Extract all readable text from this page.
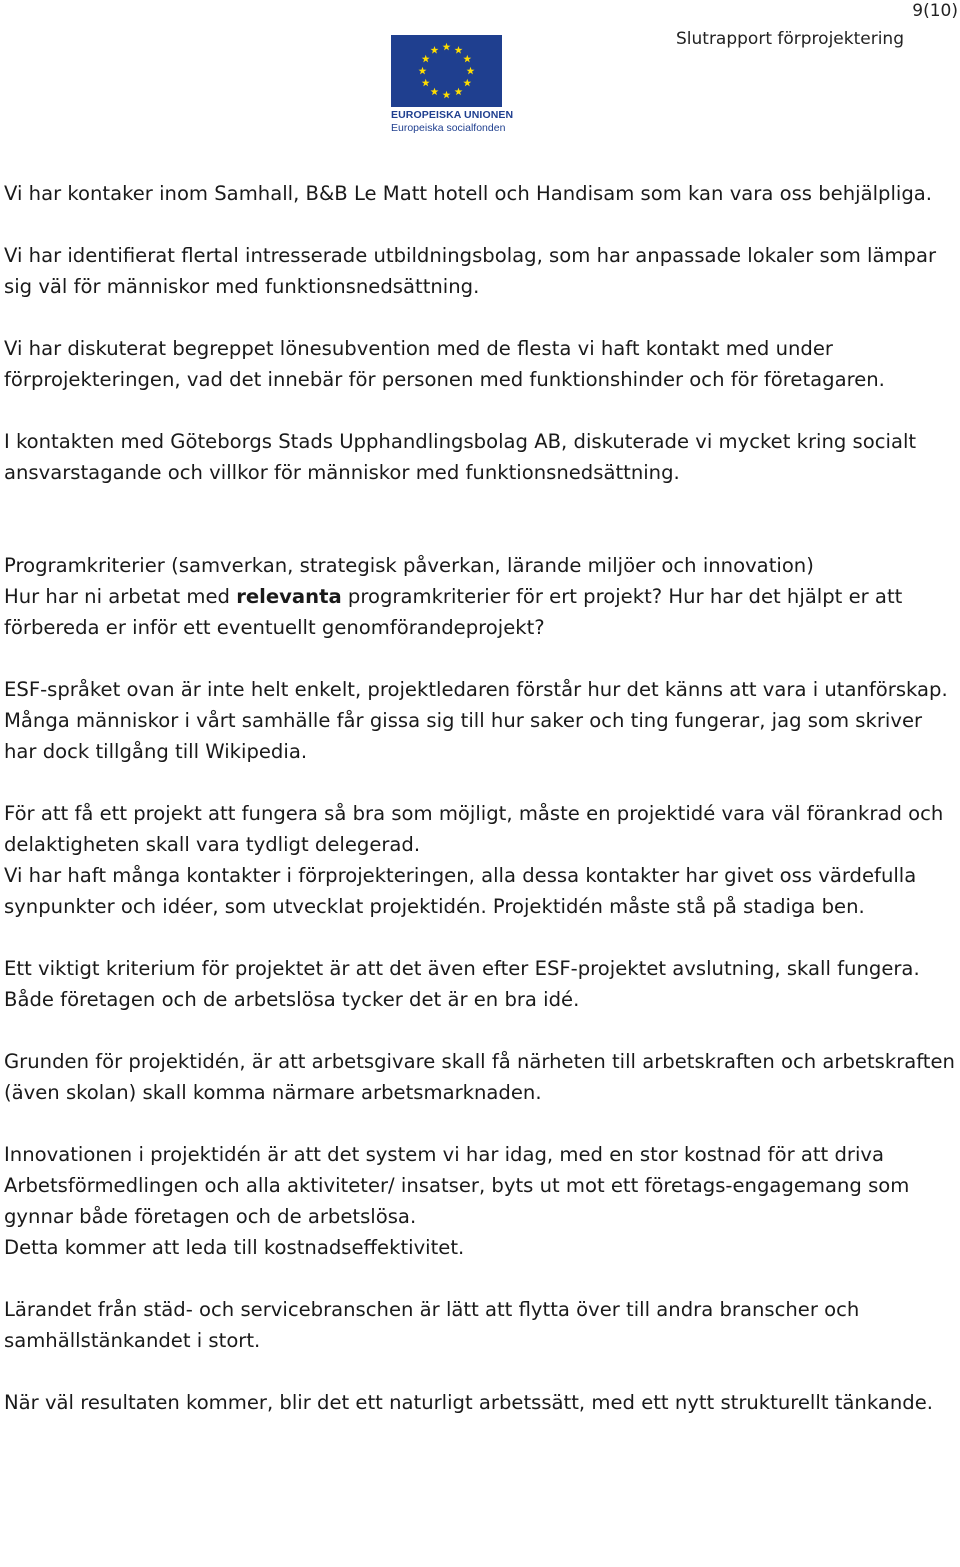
9(10)
Slutrapport förprojektering
EUROPEISKA UNIONEN
Europeiska socialfonden

Vi har kontaker inom Samhall, B&B Le Matt hotell och Handisam som kan vara oss behjälpliga.

Vi har identifierat flertal intresserade utbildningsbolag, som har anpassade lokaler som lämpar sig väl för människor med funktionsnedsättning.

Vi har diskuterat begreppet lönesubvention med de flesta vi haft kontakt med under förprojekteringen, vad det innebär för personen med funktionshinder och för företagaren.

I kontakten med Göteborgs Stads Upphandlingsbolag AB, diskuterade vi mycket kring socialt ansvarstagande och villkor för människor med funktionsnedsättning.

Programkriterier (samverkan, strategisk påverkan, lärande miljöer och innovation)
Hur har ni arbetat med relevanta programkriterier för ert projekt? Hur har det hjälpt er att förbereda er inför ett eventuellt genomförandeprojekt?

ESF-språket ovan är inte helt enkelt, projektledaren förstår hur det känns att vara i utanförskap. Många människor i vårt samhälle får gissa sig till hur saker och ting fungerar, jag som skriver har dock tillgång till Wikipedia.

För att få ett projekt att fungera så bra som möjligt, måste en projektidé vara väl förankrad och delaktigheten skall vara tydligt delegerad.

Vi har haft många kontakter i förprojekteringen, alla dessa kontakter har givet oss värdefulla synpunkter och idéer, som utvecklat projektidén. Projektidén måste stå på stadiga ben.

Ett viktigt kriterium för projektet är att det även efter ESF-projektet avslutning, skall fungera. Både företagen och de arbetslösa tycker det är en bra idé.

Grunden för projektidén, är att arbetsgivare skall få närheten till arbetskraften och arbetskraften (även skolan) skall komma närmare arbetsmarknaden.

Innovationen i projektidén är att det system vi har idag, med en stor kostnad för att driva Arbetsförmedlingen och alla aktiviteter/ insatser, byts ut mot ett företags-engagemang som gynnar både företagen och de arbetslösa.

Detta kommer att leda till kostnadseffektivitet.

Lärandet från städ- och servicebranschen är lätt att flytta över till andra branscher och samhällstänkandet i stort.

När väl resultaten kommer, blir det ett naturligt arbetssätt, med ett nytt strukturellt tänkande.
